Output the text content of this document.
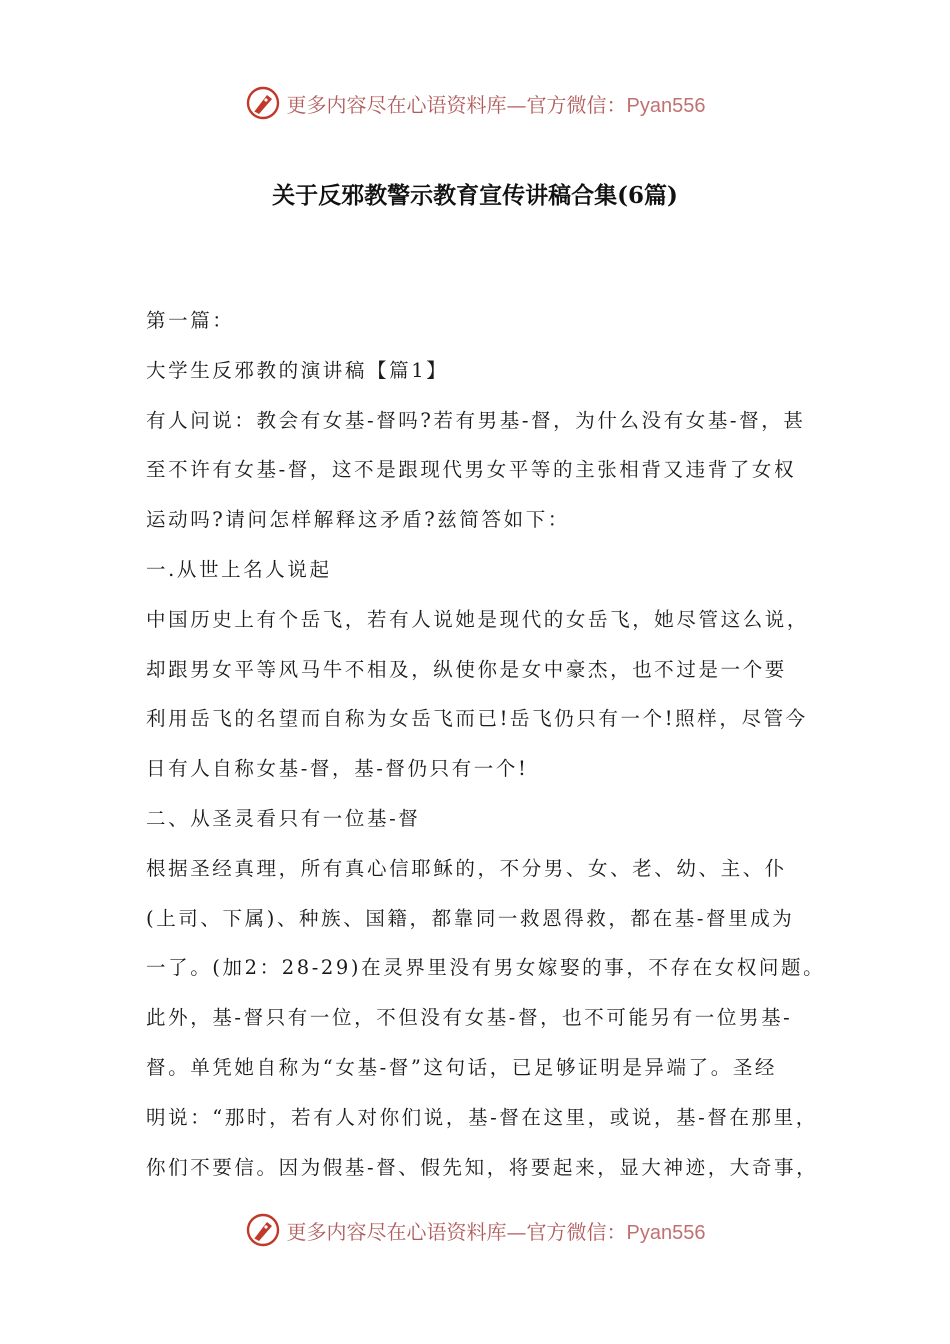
更多内容尽在心语资料库—官方微信：Pyan556
关于反邪教警示教育宣传讲稿合集(6篇)
第一篇：
大学生反邪教的演讲稿【篇1】
有人问说：教会有女基-督吗?若有男基-督，为什么没有女基-督，甚
至不许有女基-督，这不是跟现代男女平等的主张相背又违背了女权
运动吗?请问怎样解释这矛盾?兹简答如下：
一.从世上名人说起
中国历史上有个岳飞，若有人说她是现代的女岳飞，她尽管这么说，
却跟男女平等风马牛不相及，纵使你是女中豪杰，也不过是一个要
利用岳飞的名望而自称为女岳飞而已!岳飞仍只有一个!照样，尽管今
日有人自称女基-督，基-督仍只有一个!
二、从圣灵看只有一位基-督
根据圣经真理，所有真心信耶稣的，不分男、女、老、幼、主、仆
(上司、下属)、种族、国籍，都靠同一救恩得救，都在基-督里成为
一了。(加2：28-29)在灵界里没有男女嫁娶的事，不存在女权问题。
此外，基-督只有一位，不但没有女基-督，也不可能另有一位男基-
督。单凭她自称为“女基-督”这句话，已足够证明是异端了。圣经
明说：“那时，若有人对你们说，基-督在这里，或说，基-督在那里，
你们不要信。因为假基-督、假先知，将要起来，显大神迹，大奇事，
更多内容尽在心语资料库—官方微信：Pyan556
